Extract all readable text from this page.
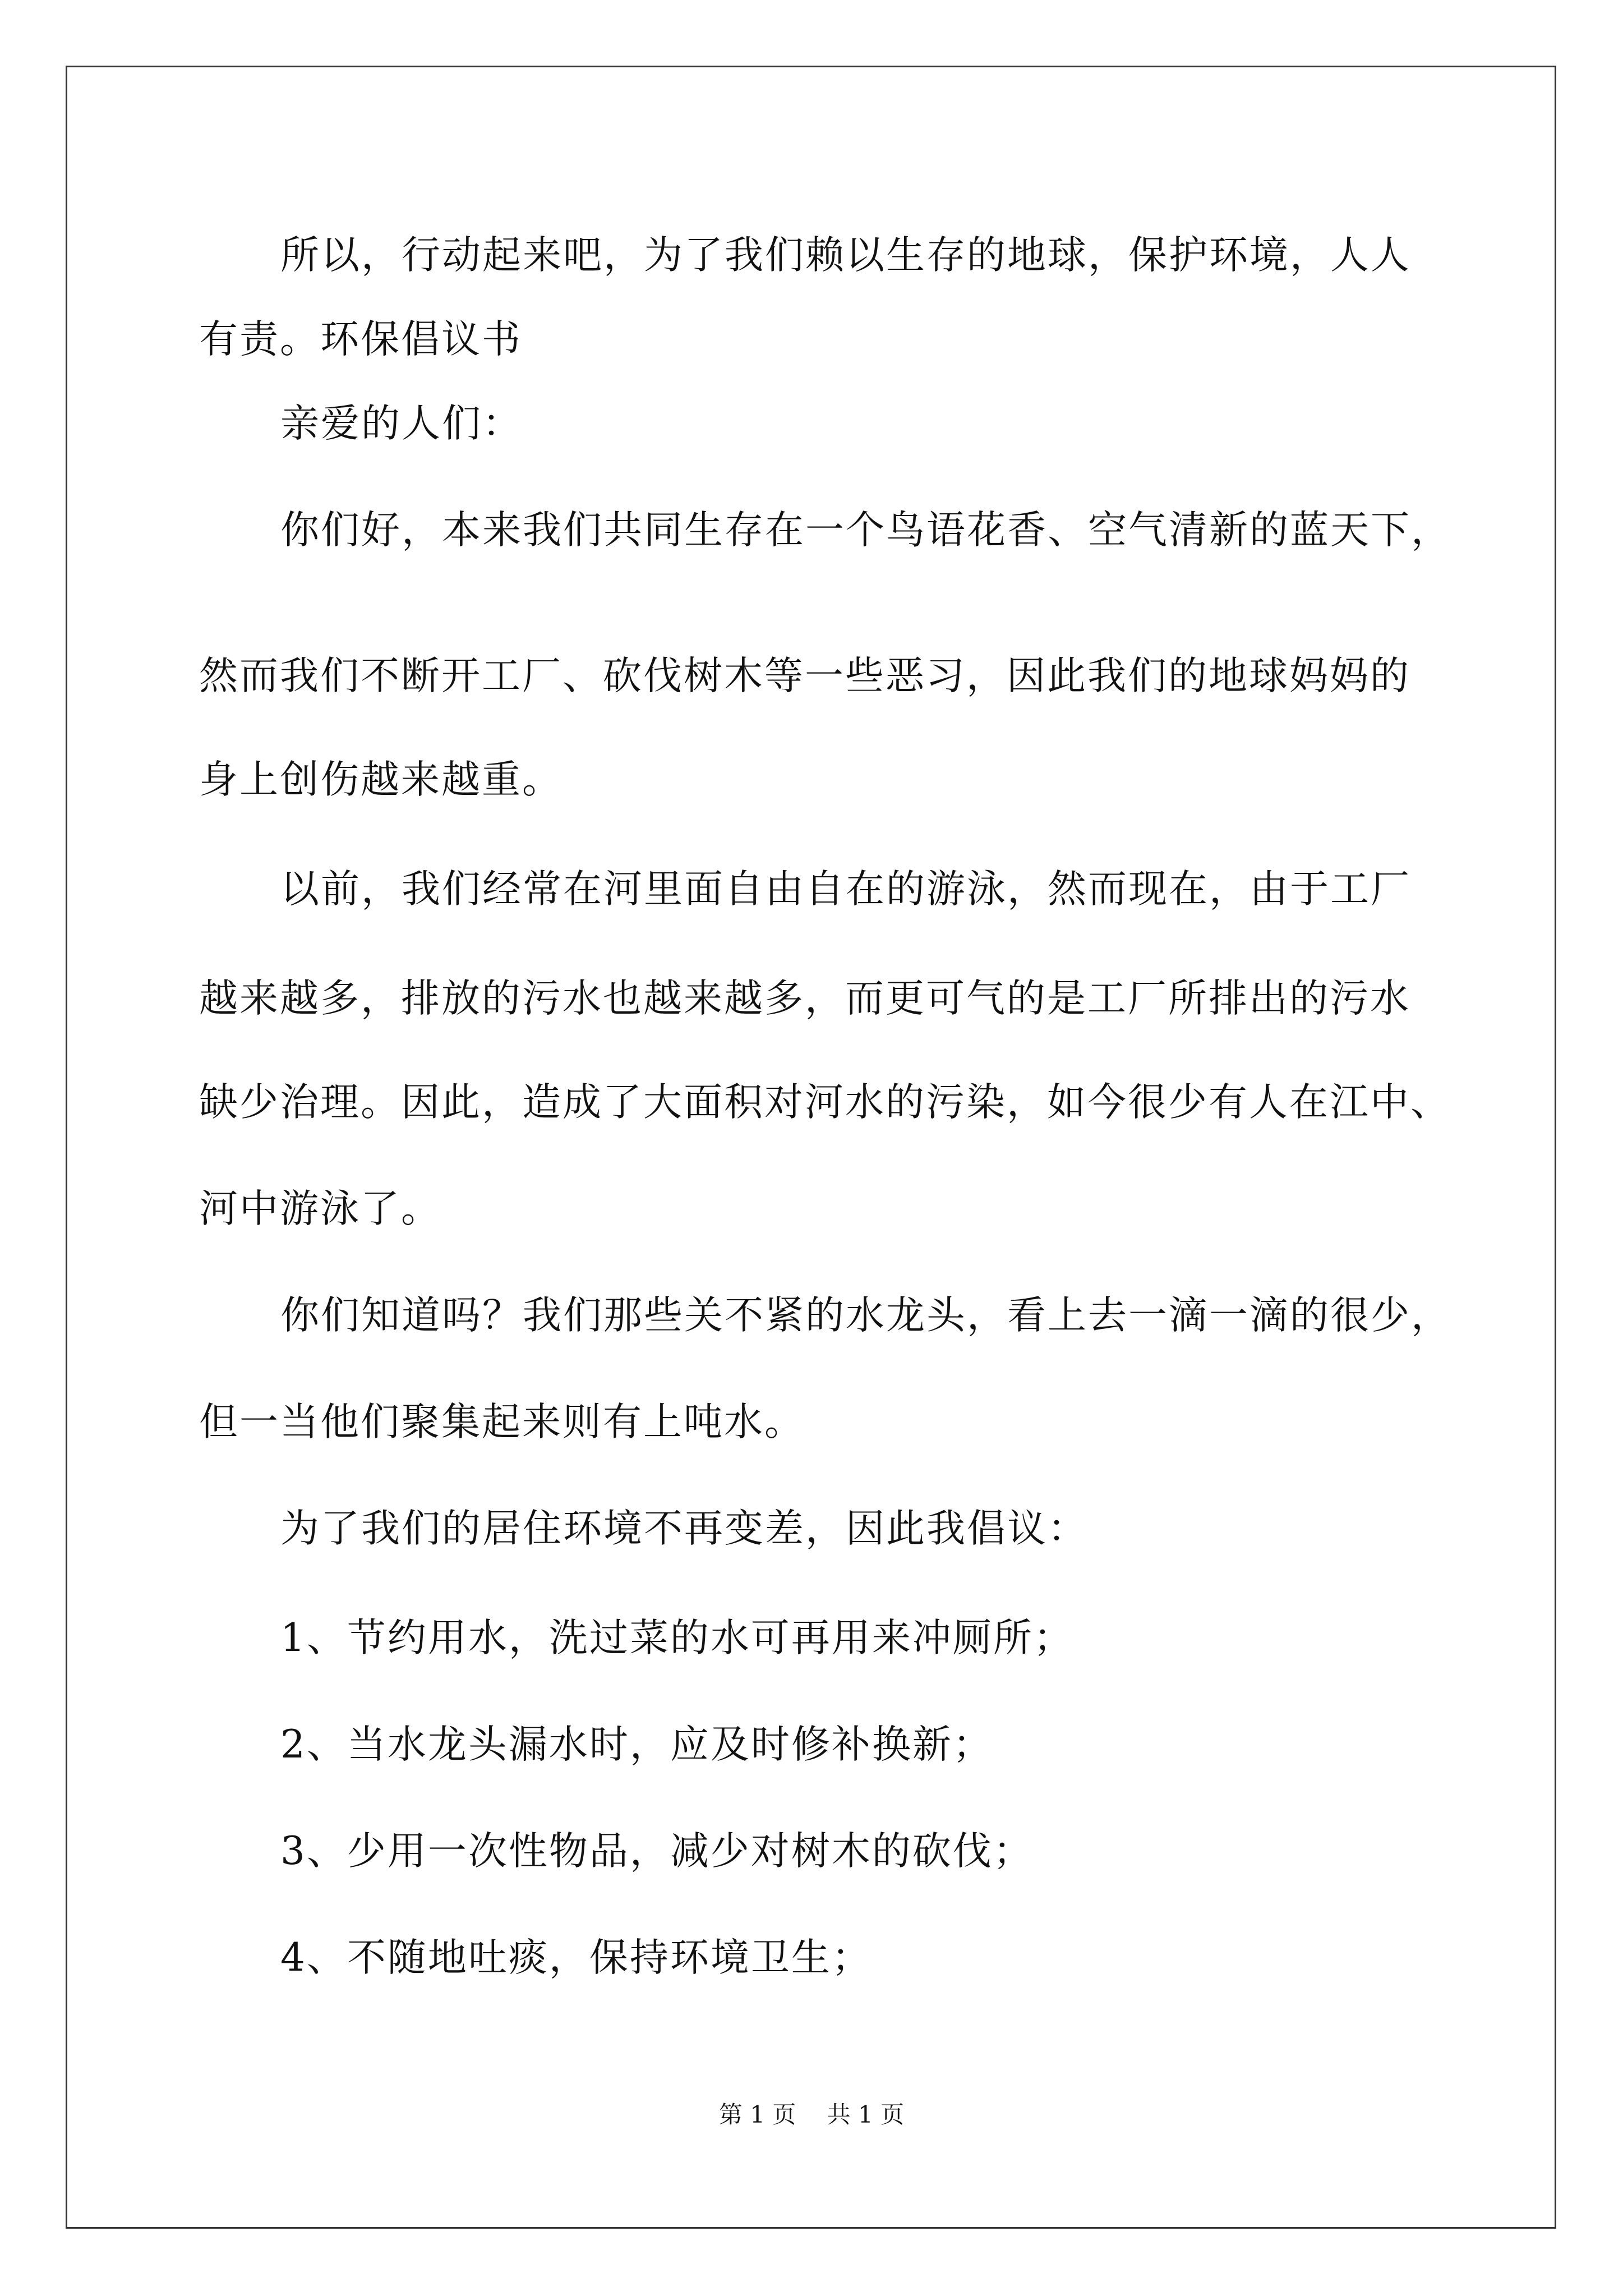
所以，行动起来吧，为了我们赖以生存的地球，保护环境，人人
有责。环保倡议书
亲爱的人们：
你们好，本来我们共同生存在一个鸟语花香、空气清新的蓝天下，
然而我们不断开工厂、砍伐树木等一些恶习，因此我们的地球妈妈的
身上创伤越来越重。
以前，我们经常在河里面自由自在的游泳，然而现在，由于工厂
越来越多，排放的污水也越来越多，而更可气的是工厂所排出的污水
缺少治理。因此，造成了大面积对河水的污染，如今很少有人在江中、
河中游泳了。
你们知道吗？我们那些关不紧的水龙头，看上去一滴一滴的很少，
但一当他们聚集起来则有上吨水。
为了我们的居住环境不再变差，因此我倡议：
1、节约用水，洗过菜的水可再用来冲厕所；
2、当水龙头漏水时，应及时修补换新；
3、少用一次性物品，减少对树木的砍伐；
4、不随地吐痰，保持环境卫生；
第 1 页　 共 1 页
